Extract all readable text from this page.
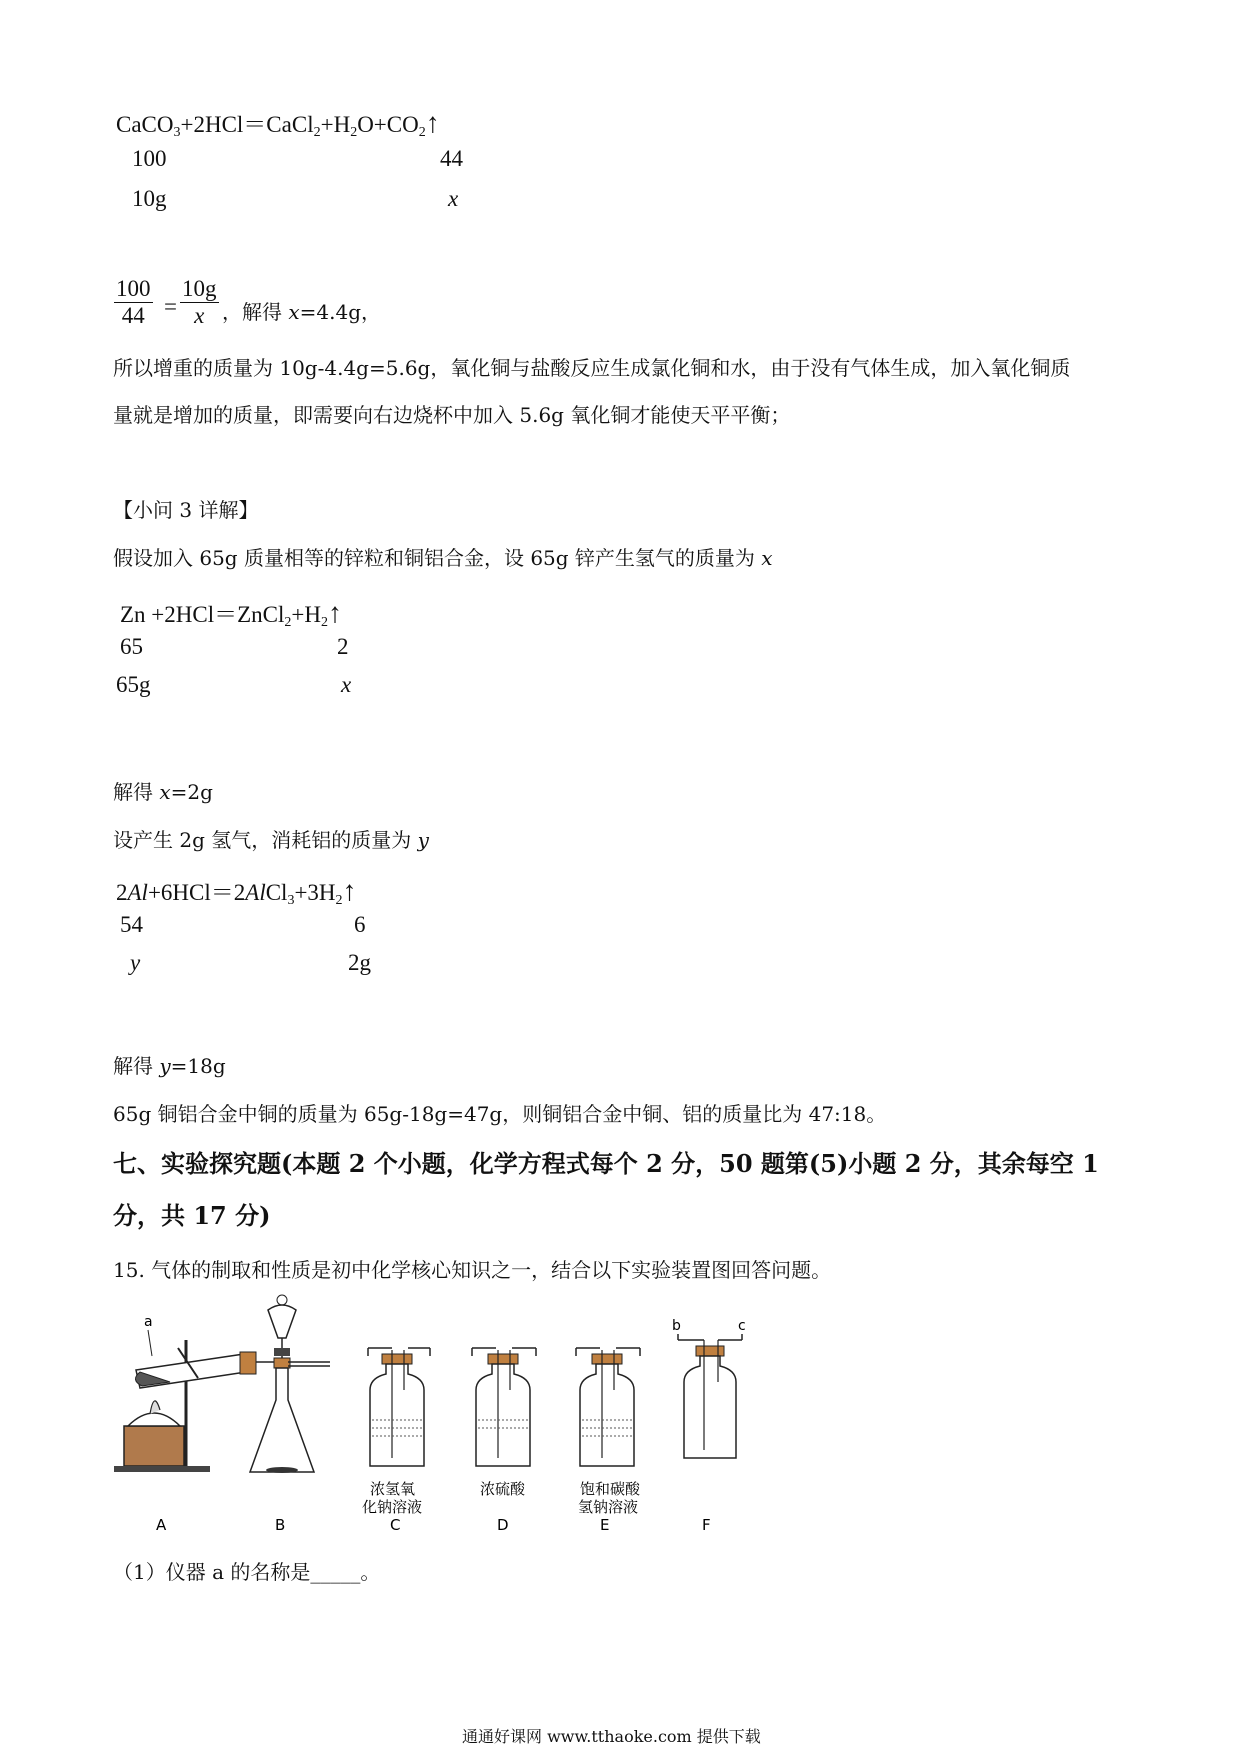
$CaCO_3+2HCl=CaCl_2+H_2O+CO_2↑$
100	44
10g	x
$\frac{100}{44} = \frac{10g}{x}$ ，解得 x=4.4g，
所以增重的质量为 10g-4.4g=5.6g，氧化铜与盐酸反应生成氯化铜和水，由于没有气体生成，加入氧化铜质
量就是增加的质量，即需要向右边烧杯中加入 5.6g 氧化铜才能使天平平衡；
【小问 3 详解】
假设加入 65g 质量相等的锌粒和铜铝合金，设 65g 锌产生氢气的质量为 x
$Zn +2HCl=ZnCl_2+H_2↑$
65	2
65g	x
解得 x=2g
设产生 2g 氢气，消耗铝的质量为 y
$2Al+6HCl=2AlCl_3+3H_2↑$
54	6
y	2g
解得 y=18g
65g 铜铝合金中铜的质量为 65g-18g=47g，则铜铝合金中铜、铝的质量比为 47:18。
七、实验探究题(本题 2 个小题，化学方程式每个 2 分，50 题第(5)小题 2 分，其余每空 1
分，共 17 分)
15. 气体的制取和性质是初中化学核心知识之一，结合以下实验装置图回答问题。
a
浓氢氧
化钠溶液
浓硫酸	饱和碳酸
氢钠溶液
b	c
A	B	C	D	E	F
（1）仪器 a 的名称是_____。
通通好课网 www.tthaoke.com 提供下载
